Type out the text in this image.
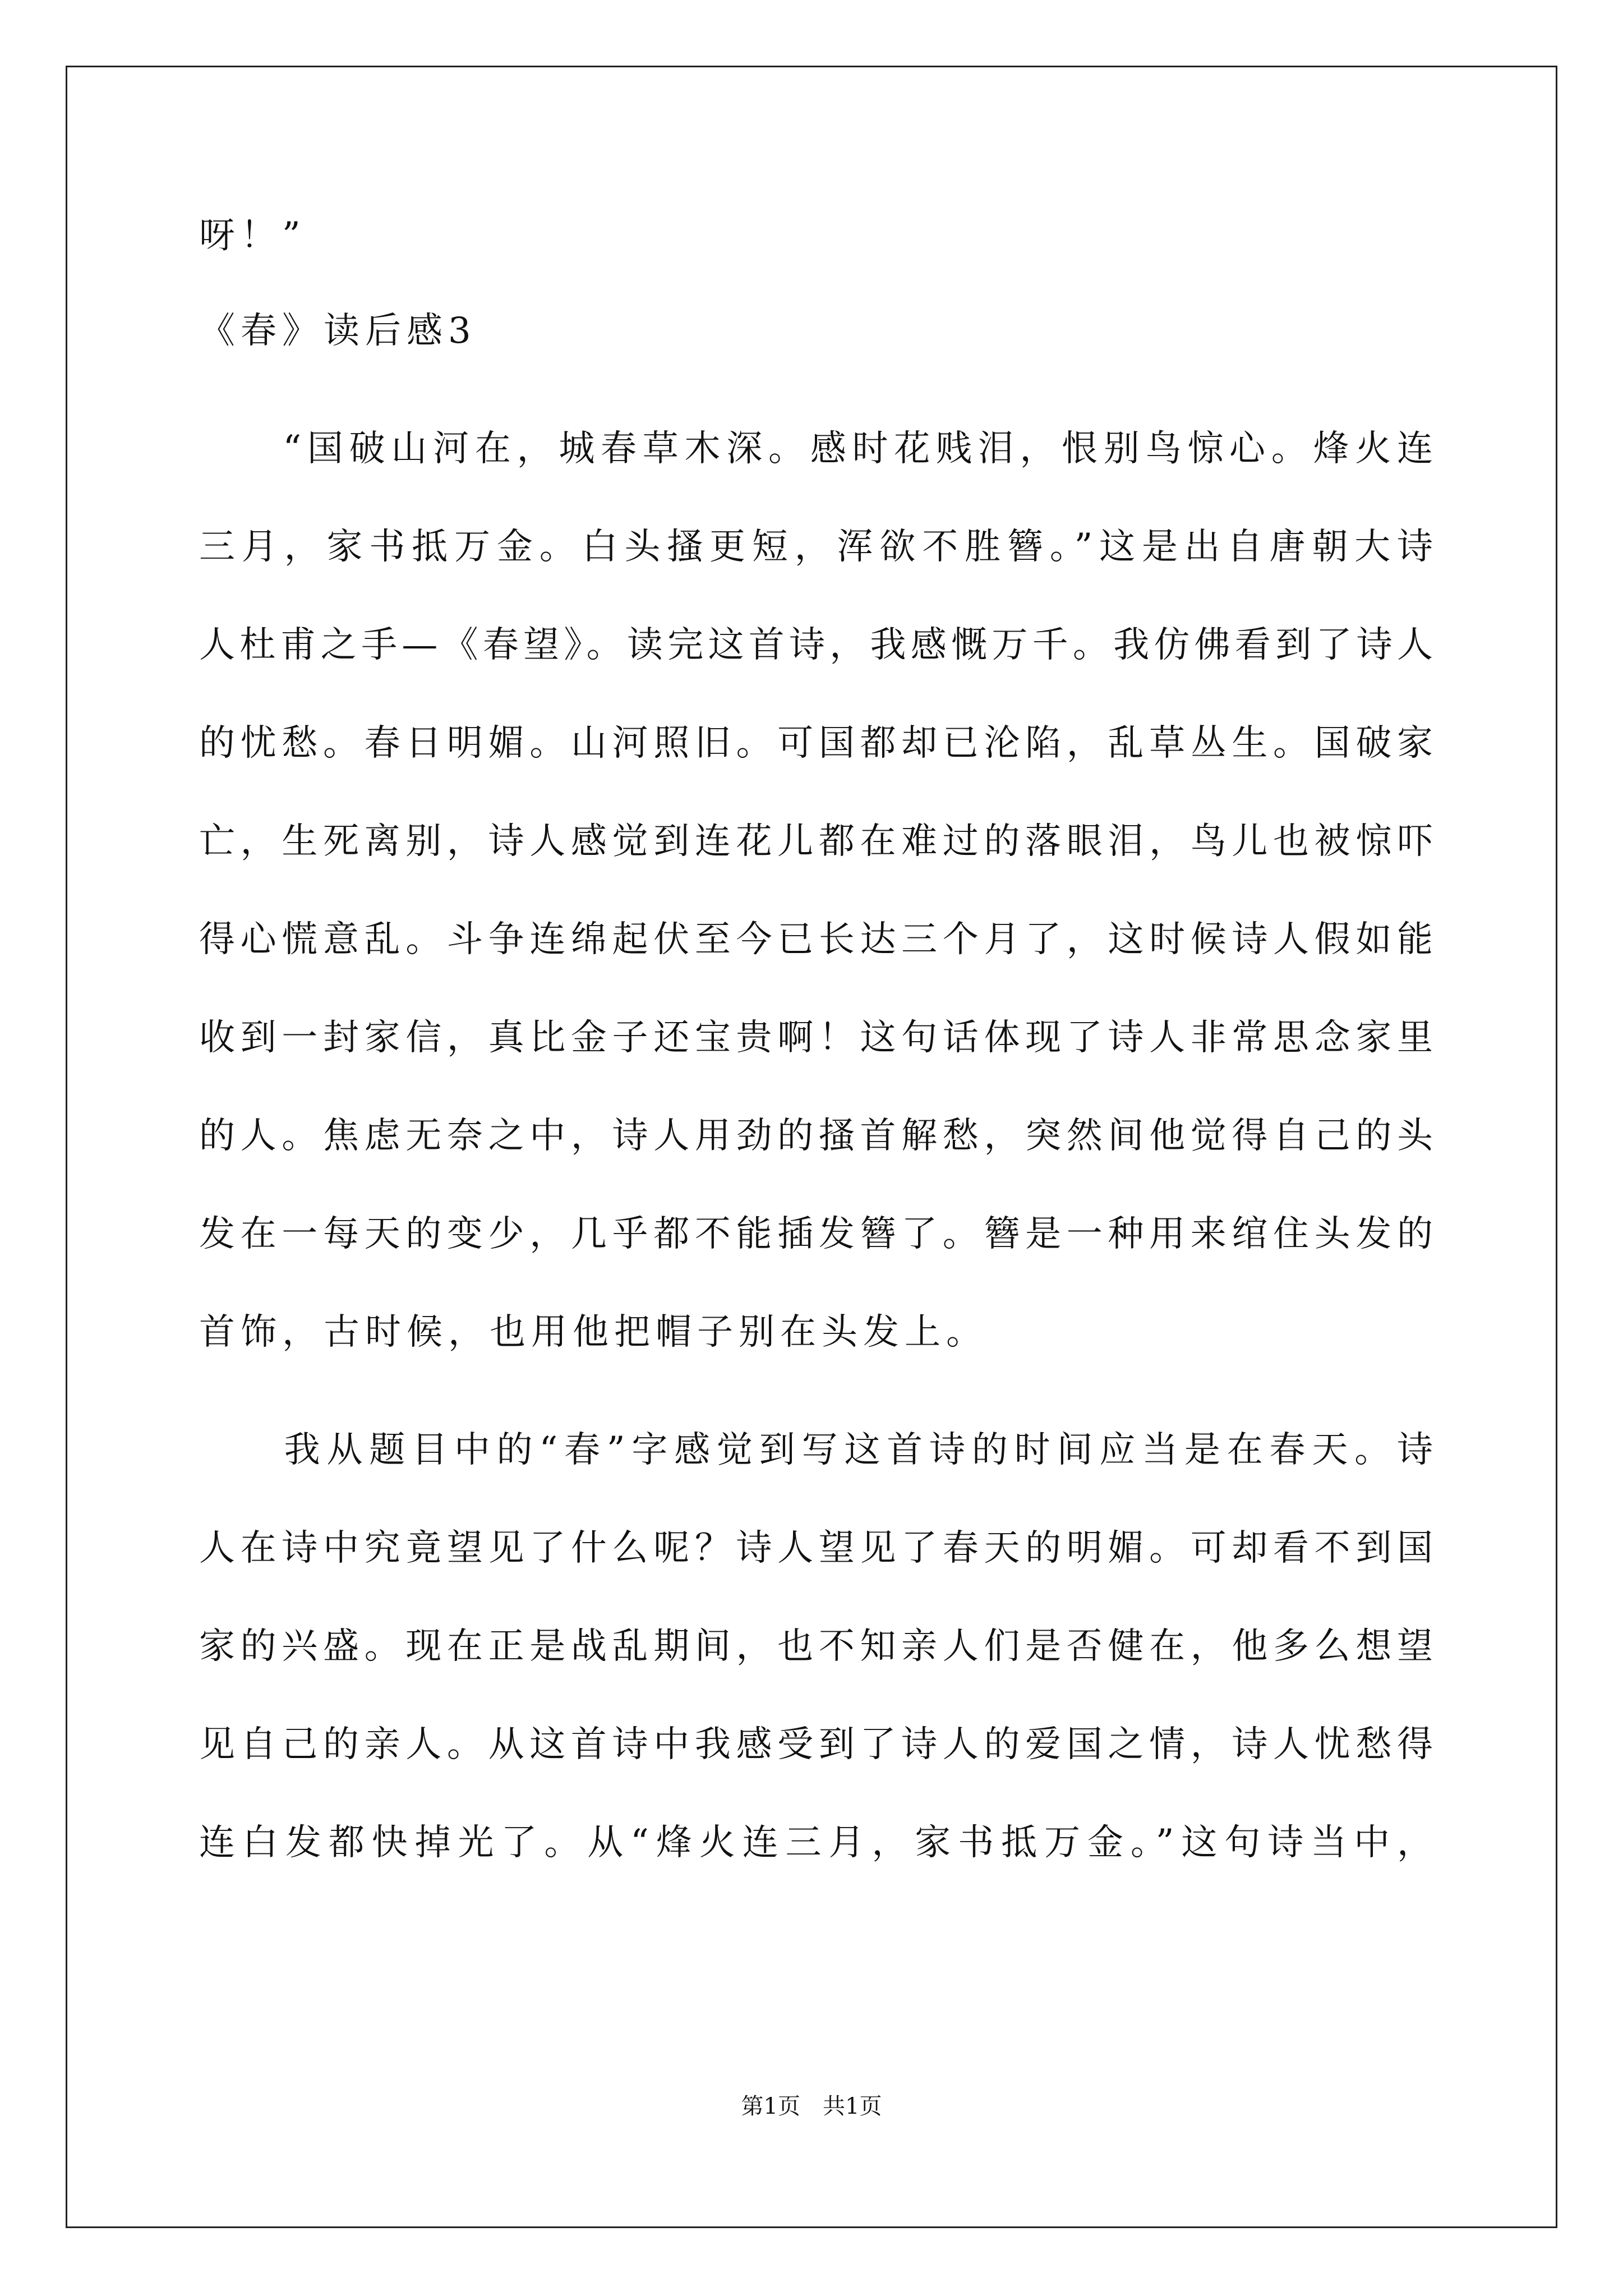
呀！”
《春》读后感3
　　“国破山河在，城春草木深。感时花贱泪，恨别鸟惊心。烽火连
三月，家书抵万金。白头搔更短，浑欲不胜簪。”这是出自唐朝大诗
人杜甫之手—《春望》。读完这首诗，我感慨万千。我仿佛看到了诗人
的忧愁。春日明媚。山河照旧。可国都却已沦陷，乱草丛生。国破家
亡，生死离别，诗人感觉到连花儿都在难过的落眼泪，鸟儿也被惊吓
得心慌意乱。斗争连绵起伏至今已长达三个月了，这时候诗人假如能
收到一封家信，真比金子还宝贵啊！这句话体现了诗人非常思念家里
的人。焦虑无奈之中，诗人用劲的搔首解愁，突然间他觉得自己的头
发在一每天的变少，几乎都不能插发簪了。簪是一种用来绾住头发的
首饰，古时候，也用他把帽子别在头发上。
　　我从题目中的“春”字感觉到写这首诗的时间应当是在春天。诗
人在诗中究竟望见了什么呢？诗人望见了春天的明媚。可却看不到国
家的兴盛。现在正是战乱期间，也不知亲人们是否健在，他多么想望
见自己的亲人。从这首诗中我感受到了诗人的爱国之情，诗人忧愁得
连白发都快掉光了。从“烽火连三月，家书抵万金。”这句诗当中，
第1页　共1页
